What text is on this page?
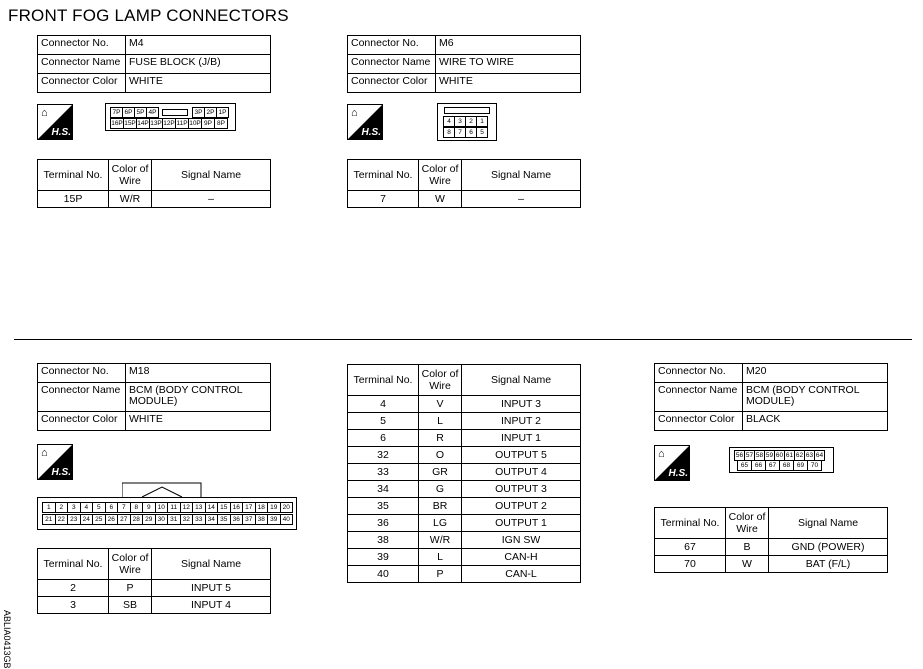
FRONT FOG LAMP CONNECTORS
Connector No.	M4
Connector Name	FUSE BLOCK (J/B)
Connector Color	WHITE
⌂
H.S.
7P 6P 5P 4P	3P 2P 1P
16P 15P 14P 13P 12P 11P 10P 9P 8P
Terminal No.	Color of Wire	Signal Name
15P	W/R	–
Connector No.	M6
Connector Name	WIRE TO WIRE
Connector Color	WHITE
⌂
H.S.
4	3	2	1
8	7	6	5
Terminal No.	Color of Wire	Signal Name
7	W	–
Connector No.	M18
Connector Name	BCM (BODY CONTROL MODULE)
Connector Color	WHITE
⌂
H.S.
1	2	3	4	5	6	7	8	9	10 11 12 13 14 15 16 17 18 19 20
21 22 23 24 25 26 27 28 29 30 31 32 33 34 35 36 37 38 39 40
Terminal No.	Color of Wire	Signal Name
2	P	INPUT 5
3	SB	INPUT 4
Terminal No.	Color of Wire	Signal Name
4	V	INPUT 3
5	L	INPUT 2
6	R	INPUT 1
32	O	OUTPUT 5
33	GR	OUTPUT 4
34	G	OUTPUT 3
35	BR	OUTPUT 2
36	LG	OUTPUT 1
38	W/R	IGN SW
39	L	CAN-H
40	P	CAN-L
Connector No.	M20
Connector Name	BCM (BODY CONTROL MODULE)
Connector Color	BLACK
⌂
H.S.
56 57 58 59 60 61 62 63 64
65	66	67	68	69	70
Terminal No.	Color of Wire	Signal Name
67	B	GND (POWER)
70	W	BAT (F/L)
ABLIA0413GB
